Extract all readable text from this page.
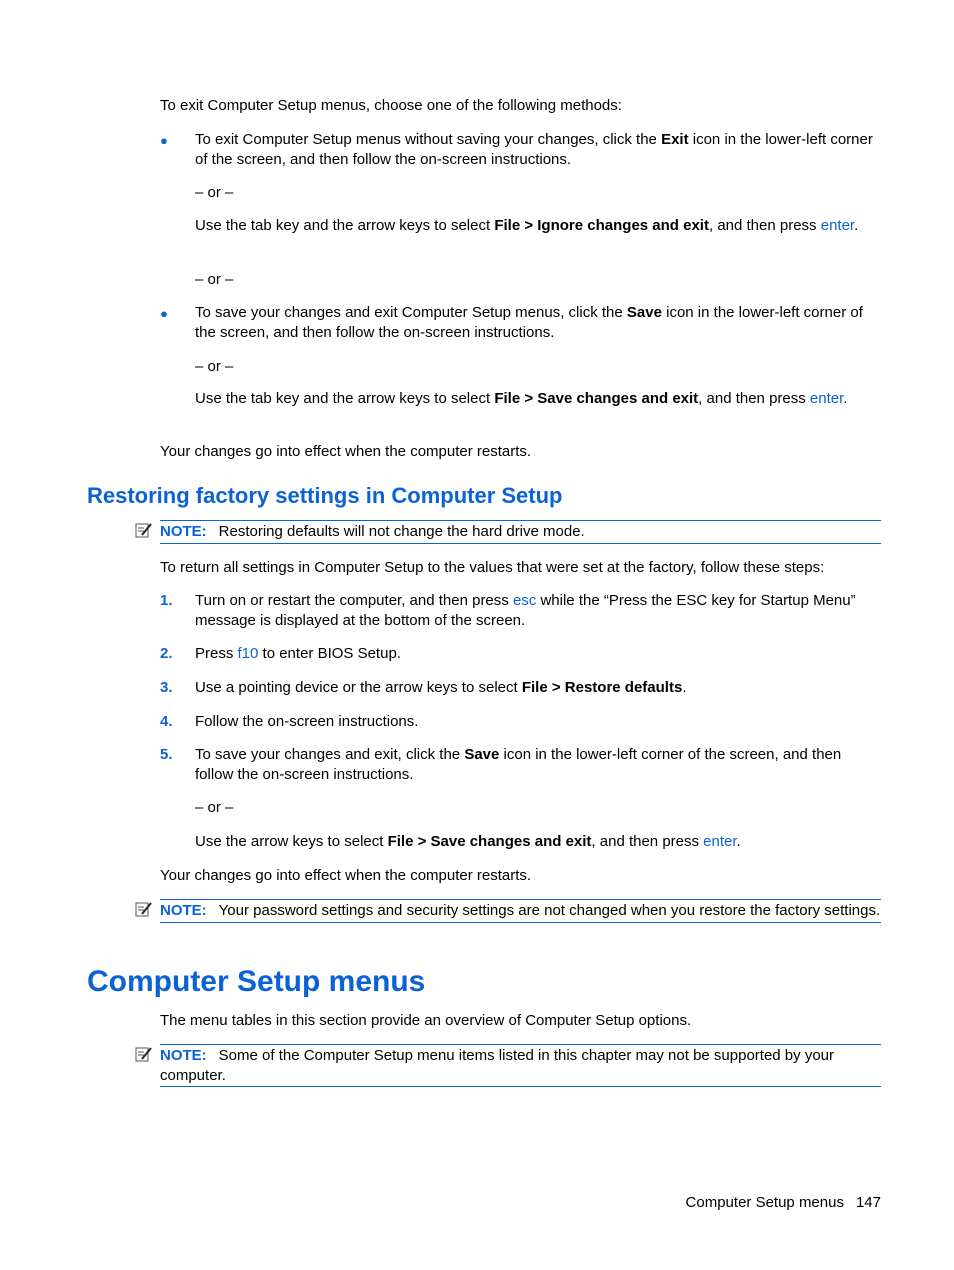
To exit Computer Setup menus, choose one of the following methods:

● To exit Computer Setup menus without saving your changes, click the Exit icon in the lower-left corner of the screen, and then follow the on-screen instructions.

– or –

Use the tab key and the arrow keys to select File > Ignore changes and exit, and then press enter.

– or –

● To save your changes and exit Computer Setup menus, click the Save icon in the lower-left corner of the screen, and then follow the on-screen instructions.

– or –

Use the tab key and the arrow keys to select File > Save changes and exit, and then press enter.

Your changes go into effect when the computer restarts.

Restoring factory settings in Computer Setup
NOTE: Restoring defaults will not change the hard drive mode.

To return all settings in Computer Setup to the values that were set at the factory, follow these steps:

1. Turn on or restart the computer, and then press esc while the “Press the ESC key for Startup Menu” message is displayed at the bottom of the screen.

2. Press f10 to enter BIOS Setup.

3. Use a pointing device or the arrow keys to select File > Restore defaults.

4. Follow the on-screen instructions.

5. To save your changes and exit, click the Save icon in the lower-left corner of the screen, and then follow the on-screen instructions.

– or –

Use the arrow keys to select File > Save changes and exit, and then press enter.

Your changes go into effect when the computer restarts.

NOTE: Your password settings and security settings are not changed when you restore the factory settings.
Computer Setup menus

The menu tables in this section provide an overview of Computer Setup options.

NOTE: Some of the Computer Setup menu items listed in this chapter may not be supported by your computer.
Computer Setup menus 147
